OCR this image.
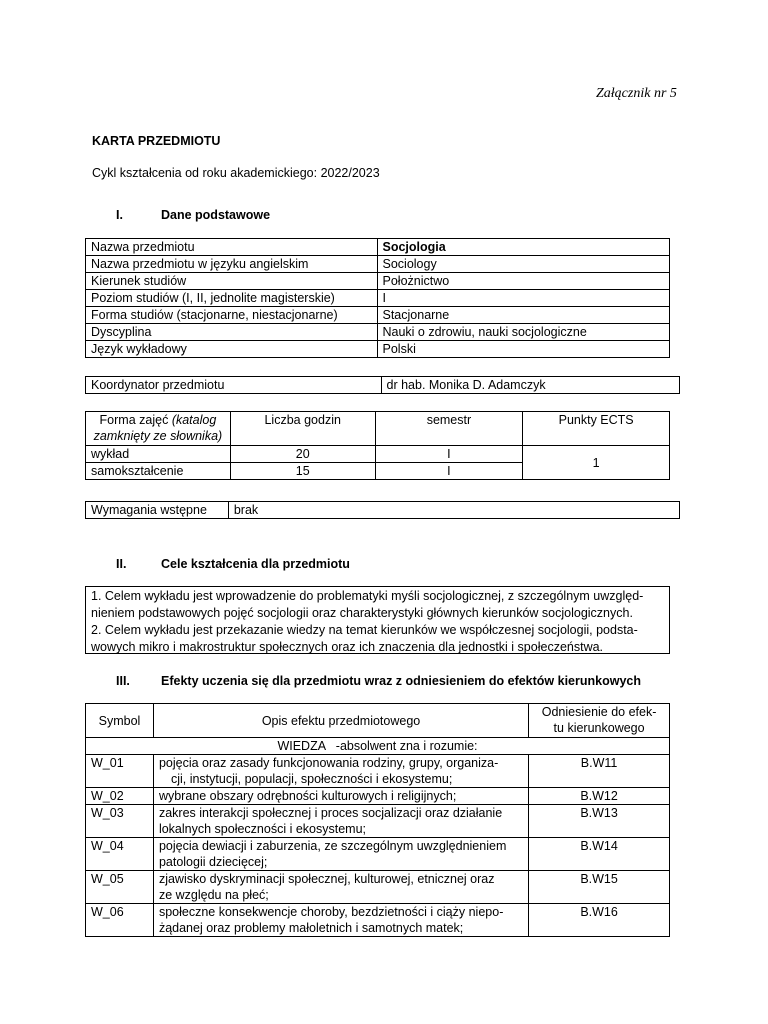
Załącznik nr 5
KARTA PRZEDMIOTU
Cykl kształcenia od roku akademickiego: 2022/2023
I.	Dane podstawowe
Nazwa przedmiotu	Socjologia
Nazwa przedmiotu w języku angielskim	Sociology
Kierunek studiów	Położnictwo
Poziom studiów (I, II, jednolite magisterskie)	I
Forma studiów (stacjonarne, niestacjonarne)	Stacjonarne
Dyscyplina	Nauki o zdrowiu, nauki socjologiczne
Język wykładowy	Polski
Koordynator przedmiotu	dr hab. Monika D. Adamczyk
Forma zajęć (katalog zamknięty ze słownika)	Liczba godzin	semestr	Punkty ECTS
wykład	20	I	1
samokształcenie	15	I	
Wymagania wstępne	brak
II.	Cele kształcenia dla przedmiotu
1. Celem wykładu jest wprowadzenie do problematyki myśli socjologicznej, z szczególnym uwzględ-
nieniem podstawowych pojęć socjologii oraz charakterystyki głównych kierunków socjologicznych.
2. Celem wykładu jest przekazanie wiedzy na temat kierunków we współczesnej socjologii, podsta-
wowych mikro i makrostruktur społecznych oraz ich znaczenia dla jednostki i społeczeństwa.
III. Efekty uczenia się dla przedmiotu wraz z odniesieniem do efektów kierunkowych
Symbol	Opis efektu przedmiotowego	Odniesienie do efek-
tu kierunkowego

WIEDZA   -absolwent zna i rozumie:		
W_01	pojęcia oraz zasady funkcjonowania rodziny, grupy, organiza-
cji, instytucji, populacji, społeczności i ekosystemu;	B.W11
W_02	wybrane obszary odrębności kulturowych i religijnych;	B.W12
W_03	zakres interakcji społecznej i proces socjalizacji oraz działanie
lokalnych społeczności i ekosystemu;	B.W13
W_04	pojęcia dewiacji i zaburzenia, ze szczególnym uwzględnieniem
patologii dziecięcej;	B.W14
W_05	zjawisko dyskryminacji społecznej, kulturowej, etnicznej oraz
ze względu na płeć;	B.W15
W_06	społeczne konsekwencje choroby, bezdzietności i ciąży niepo-
żądanej oraz problemy małoletnich i samotnych matek;	B.W16
